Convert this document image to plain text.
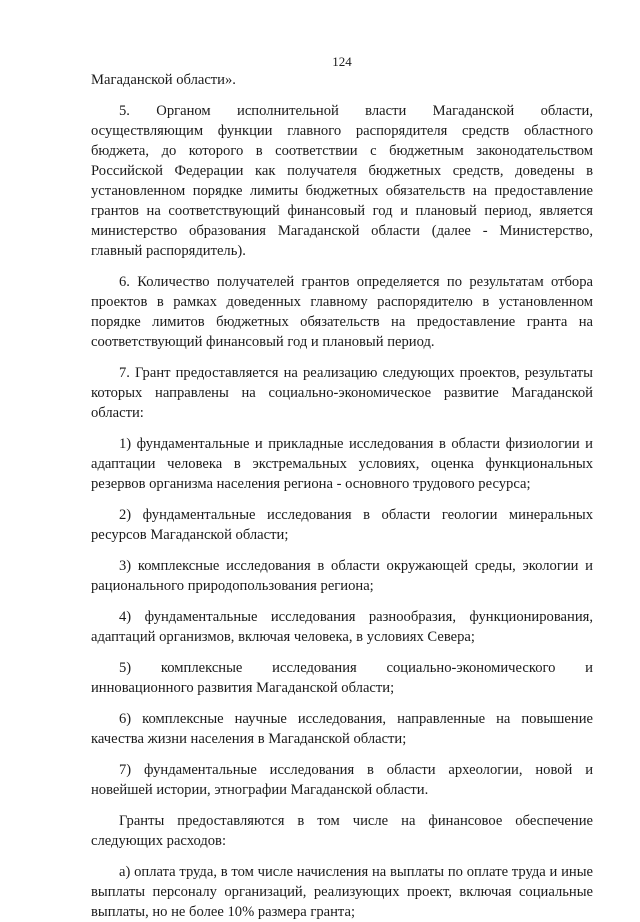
124

Магаданской области».

5. Органом исполнительной власти Магаданской области, осуществляющим функции главного распорядителя средств областного бюджета, до которого в соответствии с бюджетным законодательством Российской Федерации как получателя бюджетных средств, доведены в установленном порядке лимиты бюджетных обязательств на предоставление грантов на соответствующий финансовый год и плановый период, является министерство образования Магаданской области (далее - Министерство, главный распорядитель).

6. Количество получателей грантов определяется по результатам отбора проектов в рамках доведенных главному распорядителю в установленном порядке лимитов бюджетных обязательств на предоставление гранта на соответствующий финансовый год и плановый период.

7. Грант предоставляется на реализацию следующих проектов, результаты которых направлены на социально-экономическое развитие Магаданской области:

1) фундаментальные и прикладные исследования в области физиологии и адаптации человека в экстремальных условиях, оценка функциональных резервов организма населения региона - основного трудового ресурса;

2) фундаментальные исследования в области геологии минеральных ресурсов Магаданской области;

3) комплексные исследования в области окружающей среды, экологии и рационального природопользования региона;

4) фундаментальные исследования разнообразия, функционирования, адаптаций организмов, включая человека, в условиях Севера;

5) комплексные исследования социально-экономического и инновационного развития Магаданской области;

6) комплексные научные исследования, направленные на повышение качества жизни населения в Магаданской области;

7) фундаментальные исследования в области археологии, новой и новейшей истории, этнографии Магаданской области.

Гранты предоставляются в том числе на финансовое обеспечение следующих расходов:

а) оплата труда, в том числе начисления на выплаты по оплате труда и иные выплаты персоналу организаций, реализующих проект, включая социальные выплаты, но не более 10% размера гранта;
